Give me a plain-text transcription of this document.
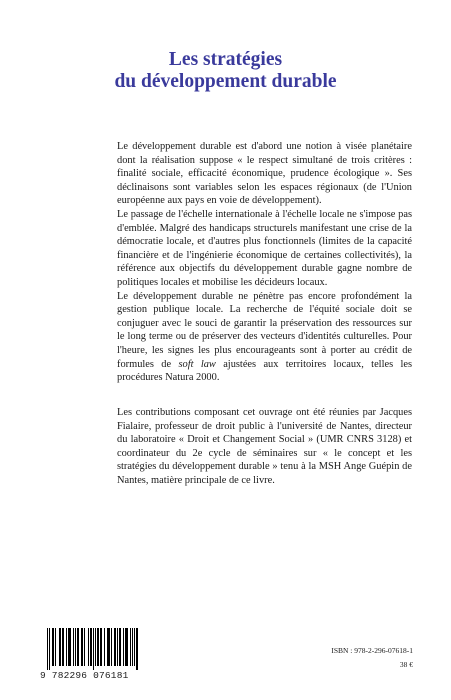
Les stratégies
du développement durable

Le développement durable est d'abord une notion à visée planétaire dont la réalisation suppose « le respect simultané de trois critères : finalité sociale, efficacité économique, prudence écologique ». Ses déclinaisons sont variables selon les espaces régionaux (de l'Union européenne aux pays en voie de développement).

Le passage de l'échelle internationale à l'échelle locale ne s'impose pas d'emblée. Malgré des handicaps structurels manifestant une crise de la démocratie locale, et d'autres plus fonctionnels (limites de la capacité financière et de l'ingénierie économique de certaines collectivités), la référence aux objectifs du développement durable gagne nombre de politiques locales et mobilise les décideurs locaux.

Le développement durable ne pénètre pas encore profondément la gestion publique locale. La recherche de l'équité sociale doit se conjuguer avec le souci de garantir la préservation des ressources sur le long terme ou de préserver des vecteurs d'identités culturelles. Pour l'heure, les signes les plus encourageants sont à porter au crédit de formules de soft law ajustées aux territoires locaux, telles les procédures Natura 2000.

Les contributions composant cet ouvrage ont été réunies par Jacques Fialaire, professeur de droit public à l'université de Nantes, directeur du laboratoire « Droit et Changement Social » (UMR CNRS 3128) et coordinateur du 2e cycle de séminaires sur « le concept et les stratégies du développement durable » tenu à la MSH Ange Guépin de Nantes, matière principale de ce livre.

9 782296 076181
ISBN : 978-2-296-07618-1
38 €
